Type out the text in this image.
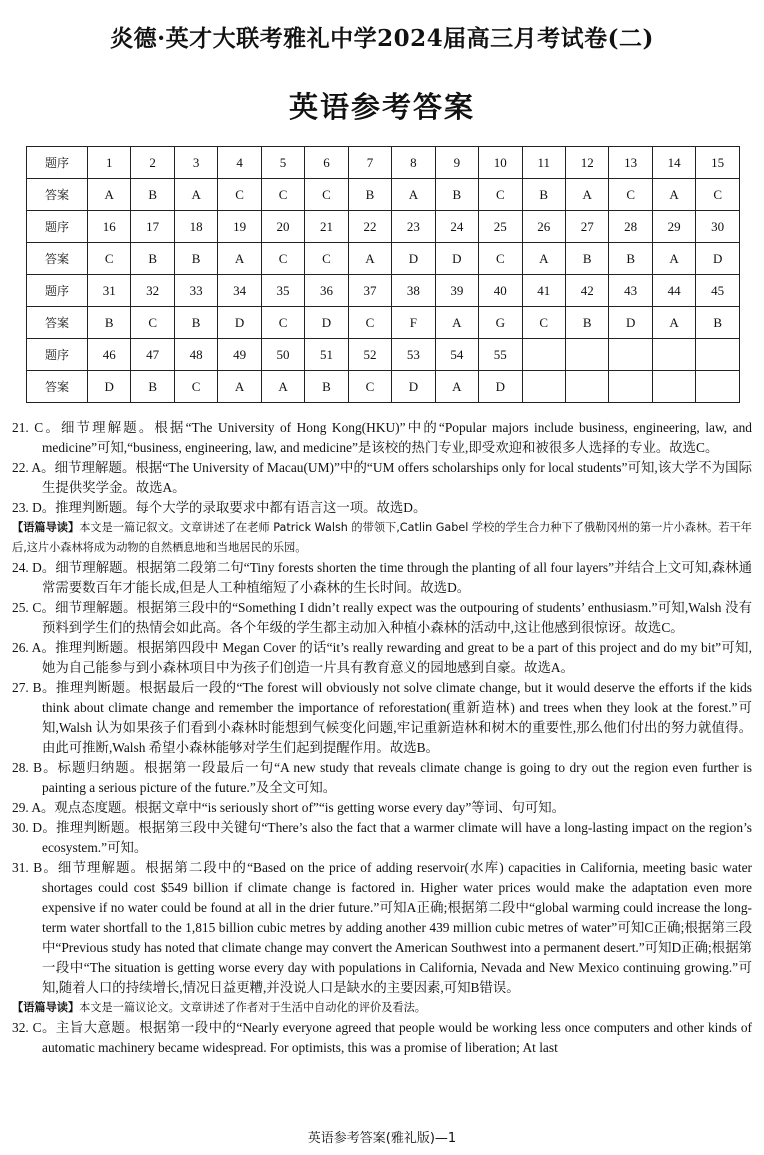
炎德·英才大联考雅礼中学2024届高三月考试卷(二)
英语参考答案
题序	1	2	3	4	5	6	7	8	9	10	11	12	13	14	15
答案	A	B	A	C	C	C	B	A	B	C	B	A	C	A	C
题序	16	17	18	19	20	21	22	23	24	25	26	27	28	29	30
答案	C	B	B	A	C	C	A	D	D	C	A	B	B	A	D
题序	31	32	33	34	35	36	37	38	39	40	41	42	43	44	45
答案	B	C	B	D	C	D	C	F	A	G	C	B	D	A	B
题序	46	47	48	49	50	51	52	53	54	55					
答案	D	B	C	A	A	B	C	D	A	D					

21. C。细节理解题。根据“The University of Hong Kong(HKU)”中的“Popular majors include business, engineering, law, and medicine”可知,“business, engineering, law, and medicine”是该校的热门专业,即受欢迎和被很多人选择的专业。故选C。

22. A。细节理解题。根据“The University of Macau(UM)”中的“UM offers scholarships only for local students”可知,该大学不为国际生提供奖学金。故选A。

23. D。推理判断题。每个大学的录取要求中都有语言这一项。故选D。

【语篇导读】本文是一篇记叙文。文章讲述了在老师 Patrick Walsh 的带领下,Catlin Gabel 学校的学生合力种下了俄勒冈州的第一片小森林。若干年后,这片小森林将成为动物的自然栖息地和当地居民的乐园。

24. D。细节理解题。根据第二段第二句“Tiny forests shorten the time through the planting of all four layers”并结合上文可知,森林通常需要数百年才能长成,但是人工种植缩短了小森林的生长时间。故选D。

25. C。细节理解题。根据第三段中的“Something I didn’t really expect was the outpouring of students’ enthusiasm.”可知,Walsh 没有预料到学生们的热情会如此高。各个年级的学生都主动加入种植小森林的活动中,这让他感到很惊讶。故选C。

26. A。推理判断题。根据第四段中 Megan Cover 的话“it’s really rewarding and great to be a part of this project and do my bit”可知,她为自己能参与到小森林项目中为孩子们创造一片具有教育意义的园地感到自豪。故选A。

27. B。推理判断题。根据最后一段的“The forest will obviously not solve climate change, but it would deserve the efforts if the kids think about climate change and remember the importance of reforestation(重新造林) and trees when they look at the forest.”可知,Walsh 认为如果孩子们看到小森林时能想到气候变化问题,牢记重新造林和树木的重要性,那么他们付出的努力就值得。由此可推断,Walsh 希望小森林能够对学生们起到提醒作用。故选B。

28. B。标题归纳题。根据第一段最后一句“A new study that reveals climate change is going to dry out the region even further is painting a serious picture of the future.”及全文可知。

29. A。观点态度题。根据文章中“is seriously short of”“is getting worse every day”等词、句可知。

30. D。推理判断题。根据第三段中关键句“There’s also the fact that a warmer climate will have a long-lasting impact on the region’s ecosystem.”可知。

31. B。细节理解题。根据第二段中的“Based on the price of adding reservoir(水库) capacities in California, meeting basic water shortages could cost $549 billion if climate change is factored in. Higher water prices would make the adaptation even more expensive if no water could be found at all in the drier future.”可知A正确;根据第二段中“global warming could increase the long-term water shortfall to the 1,815 billion cubic metres by adding another 439 million cubic metres of water”可知C正确;根据第三段中“Previous study has noted that climate change may convert the American Southwest into a permanent desert.”可知D正确;根据第一段中“The situation is getting worse every day with populations in California, Nevada and New Mexico continuing growing.”可知,随着人口的持续增长,情况日益更糟,并没说人口是缺水的主要因素,可知B错误。

【语篇导读】本文是一篇议论文。文章讲述了作者对于生活中自动化的评价及看法。

32. C。主旨大意题。根据第一段中的“Nearly everyone agreed that people would be working less once computers and other kinds of automatic machinery became widespread. For optimists, this was a promise of liberation; At last

英语参考答案(雅礼版)—1
